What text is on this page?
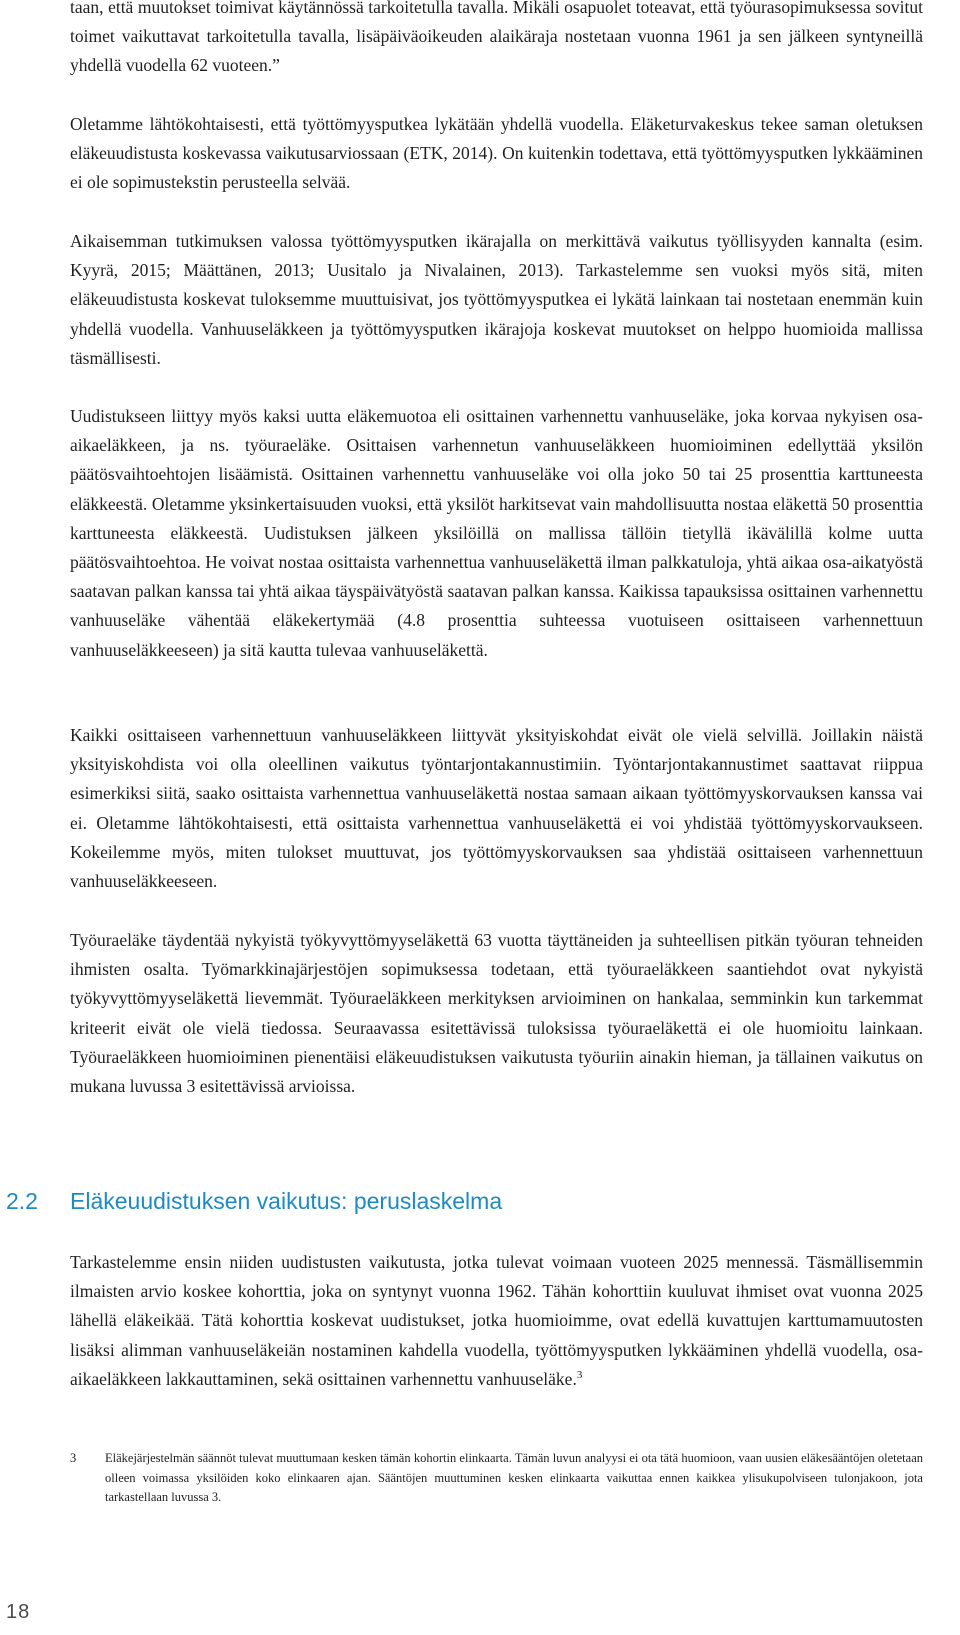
taan, että muutokset toimivat käytännössä tarkoitetulla tavalla. Mikäli osapuolet toteavat, että työurasopimuksessa sovitut toimet vaikuttavat tarkoitetulla tavalla, lisäpäiväoikeuden alaikäraja nostetaan vuonna 1961 ja sen jälkeen syntyneillä yhdellä vuodella 62 vuoteen.”

Oletamme lähtökohtaisesti, että työttömyysputkea lykätään yhdellä vuodella. Eläketurvakeskus tekee saman oletuksen eläkeuudistusta koskevassa vaikutusarviossaan (ETK, 2014). On kuitenkin todettava, että työttömyysputken lykkääminen ei ole sopimustekstin perusteella selvää.

Aikaisemman tutkimuksen valossa työttömyysputken ikärajalla on merkittävä vaikutus työllisyyden kannalta (esim. Kyyrä, 2015; Määttänen, 2013; Uusitalo ja Nivalainen, 2013). Tarkastelemme sen vuoksi myös sitä, miten eläkeuudistusta koskevat tuloksemme muuttuisivat, jos työttömyysputkea ei lykätä lainkaan tai nostetaan enemmän kuin yhdellä vuodella. Vanhuuseläkkeen ja työttömyysputken ikärajoja koskevat muutokset on helppo huomioida mallissa täsmällisesti.

Uudistukseen liittyy myös kaksi uutta eläkemuotoa eli osittainen varhennettu vanhuuseläke, joka korvaa nykyisen osa-aikaeläkkeen, ja ns. työuraeläke. Osittaisen varhennetun vanhuuseläkkeen huomioiminen edellyttää yksilön päätösvaihtoehtojen lisäämistä. Osittainen varhennettu vanhuuseläke voi olla joko 50 tai 25 prosenttia karttuneesta eläkkeestä. Oletamme yksinkertaisuuden vuoksi, että yksilöt harkitsevat vain mahdollisuutta nostaa eläkettä 50 prosenttia karttuneesta eläkkeestä. Uudistuksen jälkeen yksilöillä on mallissa tällöin tietyllä ikävälillä kolme uutta päätösvaihtoehtoa. He voivat nostaa osittaista varhennettua vanhuuseläkettä ilman palkkatuloja, yhtä aikaa osa-aikatyöstä saatavan palkan kanssa tai yhtä aikaa täyspäivätyöstä saatavan palkan kanssa. Kaikissa tapauksissa osittainen varhennettu vanhuuseläke vähentää eläkekertymää (4.8 prosenttia suhteessa vuotuiseen osittaiseen varhennettuun vanhuuseläkkeeseen) ja sitä kautta tulevaa vanhuuseläkettä.

Kaikki osittaiseen varhennettuun vanhuuseläkkeen liittyvät yksityiskohdat eivät ole vielä selvillä. Joillakin näistä yksityiskohdista voi olla oleellinen vaikutus työntarjontakannustimiin. Työntarjontakannustimet saattavat riippua esimerkiksi siitä, saako osittaista varhennettua vanhuuseläkettä nostaa samaan aikaan työttömyyskorvauksen kanssa vai ei. Oletamme lähtökohtaisesti, että osittaista varhennettua vanhuuseläkettä ei voi yhdistää työttömyyskorvaukseen. Kokeilemme myös, miten tulokset muuttuvat, jos työttömyyskorvauksen saa yhdistää osittaiseen varhennettuun vanhuuseläkkeeseen.

Työuraeläke täydentää nykyistä työkyvyttömyyseläkettä 63 vuotta täyttäneiden ja suhteellisen pitkän työuran tehneiden ihmisten osalta. Työmarkkinajärjestöjen sopimuksessa todetaan, että työuraeläkkeen saantiehdot ovat nykyistä työkyvyttömyyseläkettä lievemmät. Työuraeläkkeen merkityksen arvioiminen on hankalaa, semminkin kun tarkemmat kriteerit eivät ole vielä tiedossa. Seuraavassa esitettävissä tuloksissa työuraeläkettä ei ole huomioitu lainkaan. Työuraeläkkeen huomioiminen pienentäisi eläkeuudistuksen vaikutusta työuriin ainakin hieman, ja tällainen vaikutus on mukana luvussa 3 esitettävissä arvioissa.

2.2 Eläkeuudistuksen vaikutus: peruslaskelma

Tarkastelemme ensin niiden uudistusten vaikutusta, jotka tulevat voimaan vuoteen 2025 mennessä. Täsmällisemmin ilmaisten arvio koskee kohorttia, joka on syntynyt vuonna 1962. Tähän kohorttiin kuuluvat ihmiset ovat vuonna 2025 lähellä eläkeikää. Tätä kohorttia koskevat uudistukset, jotka huomioimme, ovat edellä kuvattujen karttumamuutosten lisäksi alimman vanhuuseläkeiän nostaminen kahdella vuodella, työttömyysputken lykkääminen yhdellä vuodella, osa-aikaeläkkeen lakkauttaminen, sekä osittainen varhennettu vanhuuseläke.$^3$

3 Eläkejärjestelmän säännöt tulevat muuttumaan kesken tämän kohortin elinkaarta. Tämän luvun analyysi ei ota tätä huomioon, vaan uusien eläkesääntöjen oletetaan olleen voimassa yksilöiden koko elinkaaren ajan. Sääntöjen muuttuminen kesken elinkaarta vaikuttaa ennen kaikkea ylisukupolviseen tulonjakoon, jota tarkastellaan luvussa 3.
18
